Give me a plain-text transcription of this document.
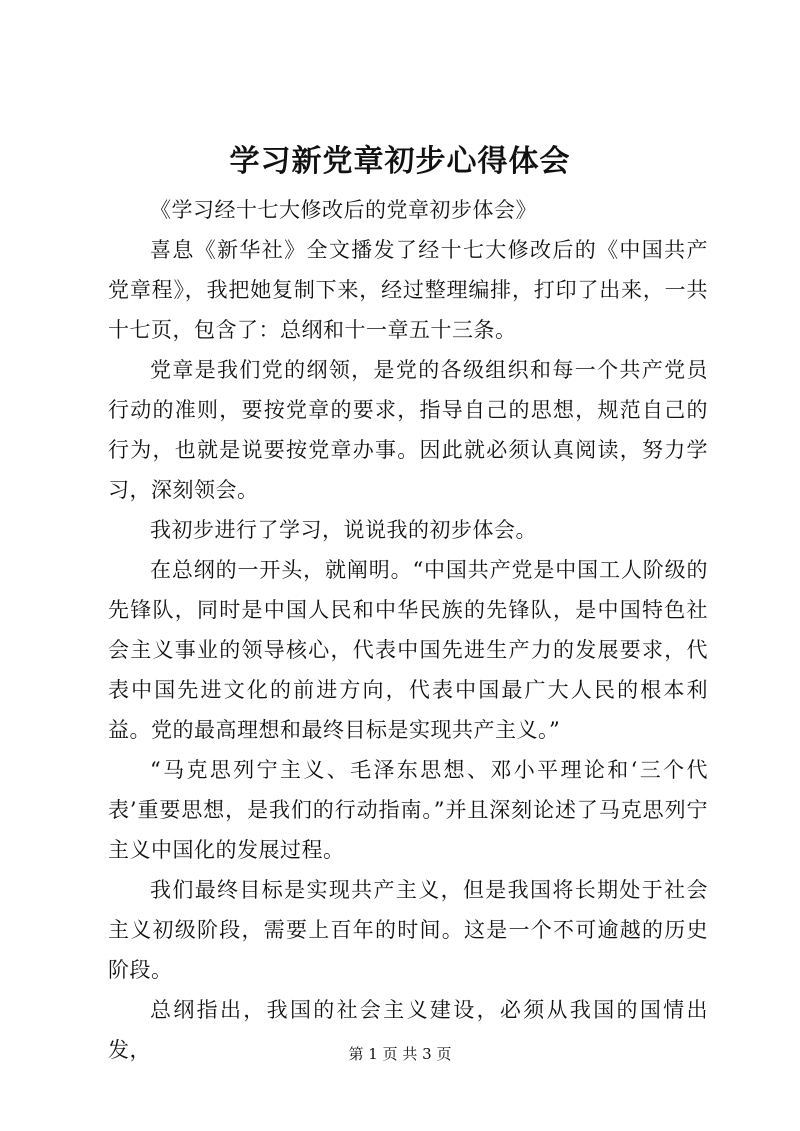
学习新党章初步心得体会

《学习经十七大修改后的党章初步体会》

喜息《新华社》全文播发了经十七大修改后的《中国共产党章程》，我把她复制下来，经过整理编排，打印了出来，一共十七页，包含了：总纲和十一章五十三条。

党章是我们党的纲领，是党的各级组织和每一个共产党员行动的准则，要按党章的要求，指导自己的思想，规范自己的行为，也就是说要按党章办事。因此就必须认真阅读，努力学习，深刻领会。

我初步进行了学习，说说我的初步体会。

在总纲的一开头，就阐明。“中国共产党是中国工人阶级的先锋队，同时是中国人民和中华民族的先锋队，是中国特色社会主义事业的领导核心，代表中国先进生产力的发展要求，代表中国先进文化的前进方向，代表中国最广大人民的根本利益。党的最高理想和最终目标是实现共产主义。”

“马克思列宁主义、毛泽东思想、邓小平理论和‘三个代表’重要思想，是我们的行动指南。”并且深刻论述了马克思列宁主义中国化的发展过程。

我们最终目标是实现共产主义，但是我国将长期处于社会主义初级阶段，需要上百年的时间。这是一个不可逾越的历史阶段。

总纲指出，我国的社会主义建设，必须从我国的国情出发，	第 1 页 共 3 页
